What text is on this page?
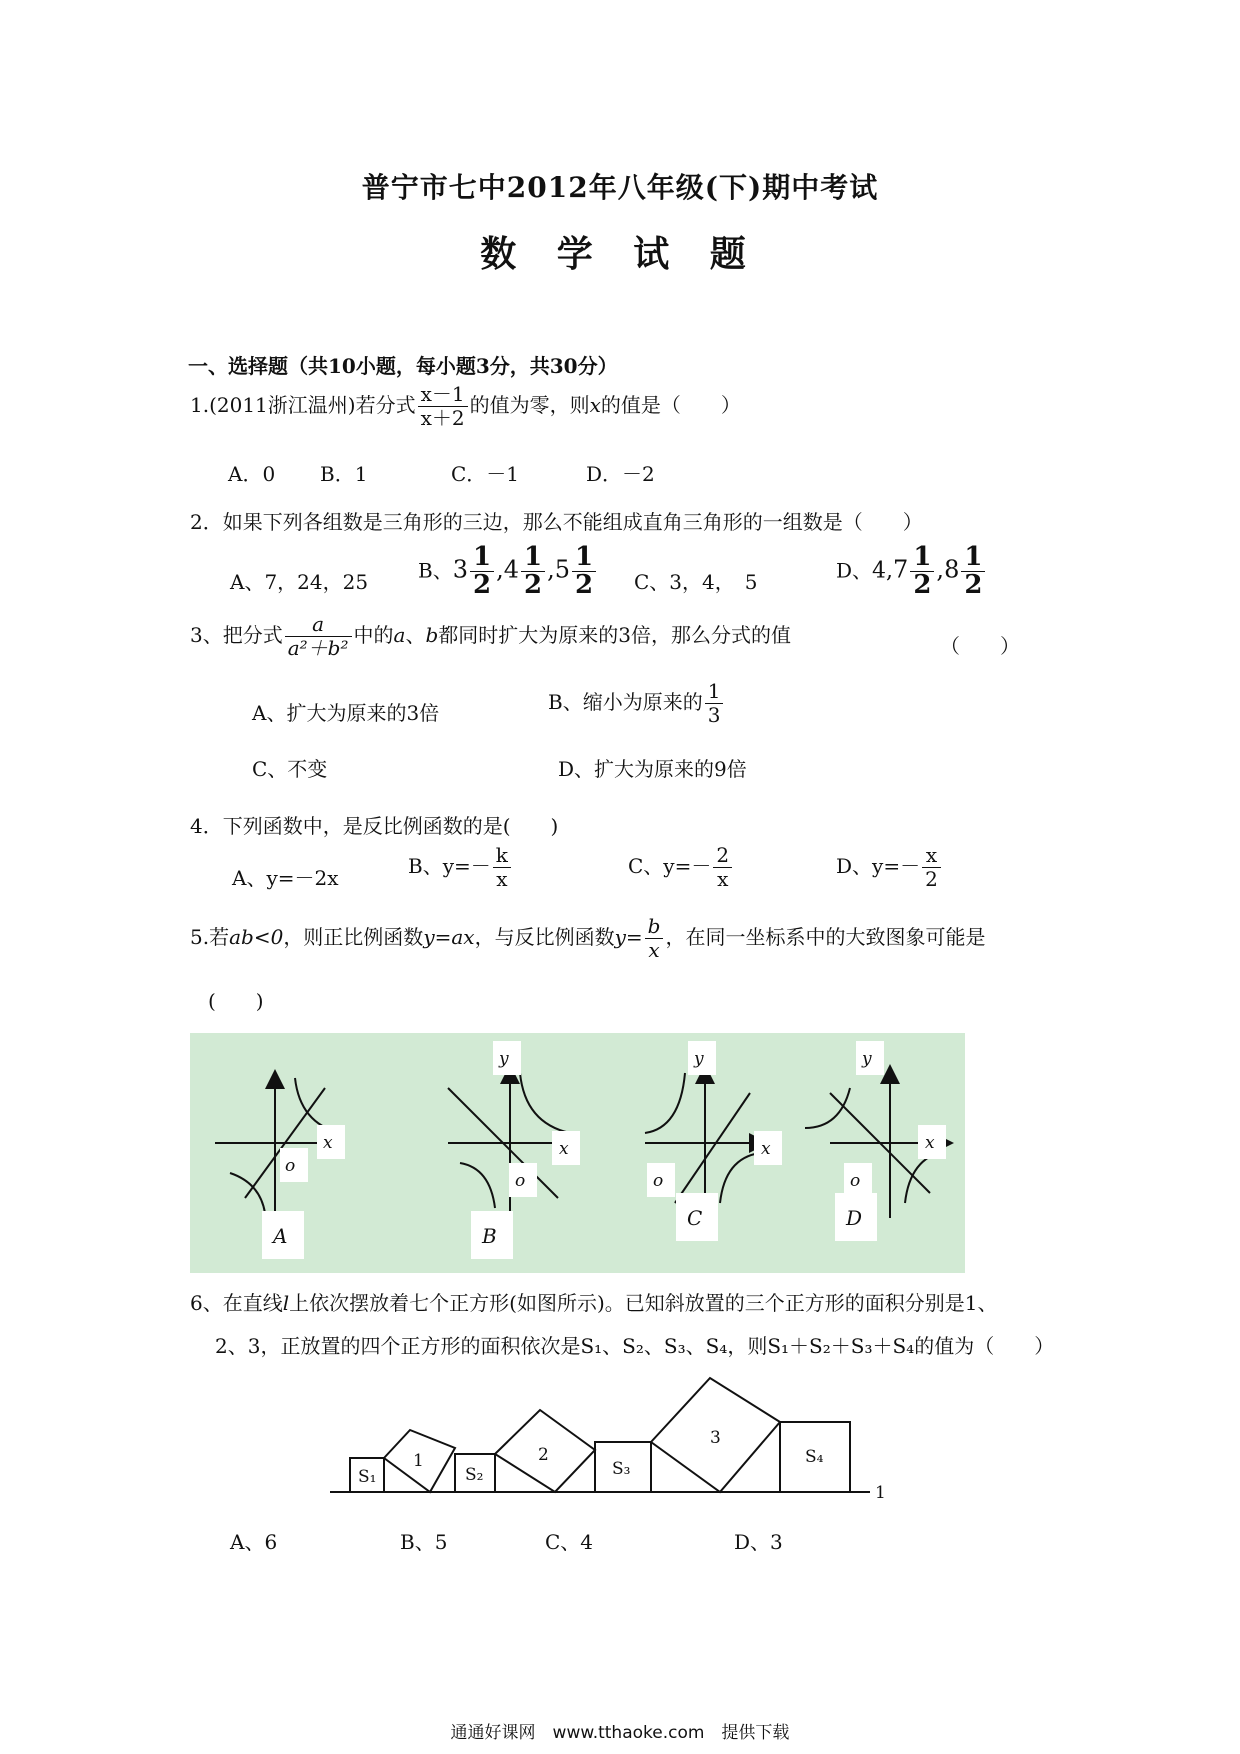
普宁市七中2012年八年级(下)期中考试
数 学 试 题
一、选择题（共10小题，每小题3分，共30分）
1.(2011浙江温州)若分式 $\frac{x-1}{x+2}$ 的值为零，则x的值是（　　）
A．0 B．1	C．－1	D．－2
2．如果下列各组数是三角形的三边，那么不能组成直角三角形的一组数是（　　）
A、7，24，25 B、$3 \frac{1}{2} ,4 \frac{1}{2} ,5 \frac{1}{2}$ C、3，4，　5	D、$4,7 \frac{1}{2} ,8 \frac{1}{2}$
3、把分式 $\frac{a}{\text{a²＋b²}}$ 中的a、b都同时扩大为原来的3倍，那么分式的值	（　　）
A、扩大为原来的3倍	B、缩小为原来的 $\frac{1}{3}$
C、不变	D、扩大为原来的9倍
4．下列函数中，是反比例函数的是(　　)
A、y=－2x	B、$y=- \frac{k}{x}$	C、$y=- \frac{2}{x}$	D、$y=- \frac{x}{2}$
5.若ab<0，则正比例函数y=ax，与反比例函数$y= \frac{b}{x}$ ，在同一坐标系中的大致图象可能是
(　　)
x
o
A
y
x
o
B
y
x
o
C
y
x
o
D
6、在直线l上依次摆放着七个正方形(如图所示)。已知斜放置的三个正方形的面积分别是1、
2、3，正放置的四个正方形的面积依次是S₁、S₂、S₃、S₄，则S₁＋S₂＋S₃＋S₄的值为（　　）
S₁
1
S₂
2
S₃
3
S₄
1
A、6	B、5	C、4	D、3
通通好课网　www.tthaoke.com　提供下载
